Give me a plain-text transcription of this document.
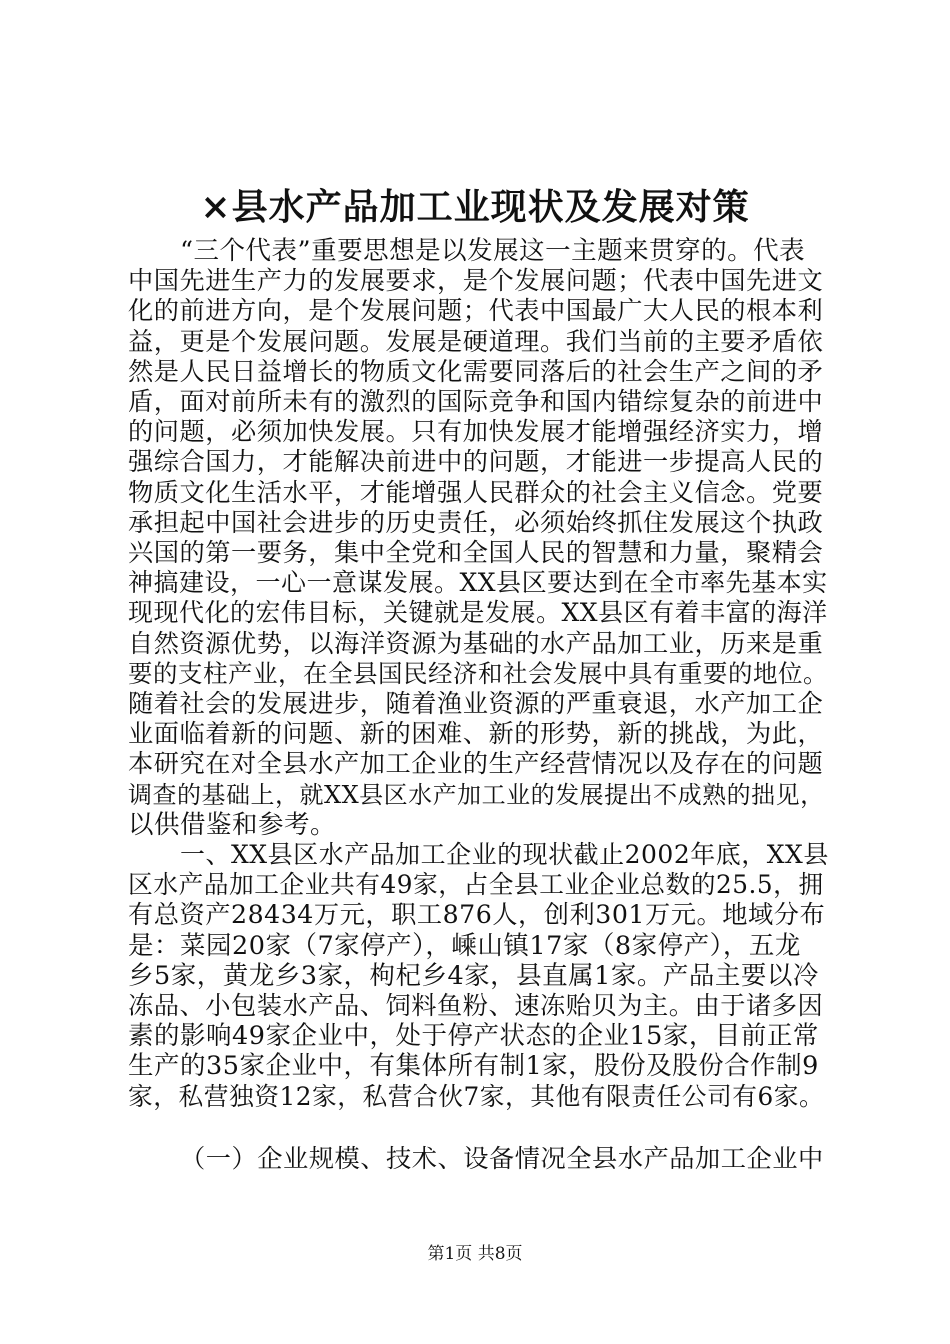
×县水产品加工业现状及发展对策
“三个代表”重要思想是以发展这一主题来贯穿的。代表
中国先进生产力的发展要求，是个发展问题；代表中国先进文
化的前进方向，是个发展问题；代表中国最广大人民的根本利
益，更是个发展问题。发展是硬道理。我们当前的主要矛盾依
然是人民日益增长的物质文化需要同落后的社会生产之间的矛
盾，面对前所未有的激烈的国际竞争和国内错综复杂的前进中
的问题，必须加快发展。只有加快发展才能增强经济实力，增
强综合国力，才能解决前进中的问题，才能进一步提高人民的
物质文化生活水平，才能增强人民群众的社会主义信念。党要
承担起中国社会进步的历史责任，必须始终抓住发展这个执政
兴国的第一要务，集中全党和全国人民的智慧和力量，聚精会
神搞建设，一心一意谋发展。XX县区要达到在全市率先基本实
现现代化的宏伟目标，关键就是发展。XX县区有着丰富的海洋
自然资源优势，以海洋资源为基础的水产品加工业，历来是重
要的支柱产业，在全县国民经济和社会发展中具有重要的地位。
随着社会的发展进步，随着渔业资源的严重衰退，水产加工企
业面临着新的问题、新的困难、新的形势，新的挑战，为此，
本研究在对全县水产加工企业的生产经营情况以及存在的问题
调查的基础上，就XX县区水产加工业的发展提出不成熟的拙见，
以供借鉴和参考。
一、XX县区水产品加工企业的现状截止2002年底，XX县
区水产品加工企业共有49家，占全县工业企业总数的25.5，拥
有总资产28434万元，职工876人，创利301万元。地域分布
是：菜园20家（7家停产），嵊山镇17家（8家停产），五龙
乡5家，黄龙乡3家，枸杞乡4家，县直属1家。产品主要以冷
冻品、小包装水产品、饲料鱼粉、速冻贻贝为主。由于诸多因
素的影响49家企业中，处于停产状态的企业15家，目前正常
生产的35家企业中，有集体所有制1家，股份及股份合作制9
家，私营独资12家，私营合伙7家，其他有限责任公司有6家。
（一）企业规模、技术、设备情况全县水产品加工企业中
第1页 共8页
